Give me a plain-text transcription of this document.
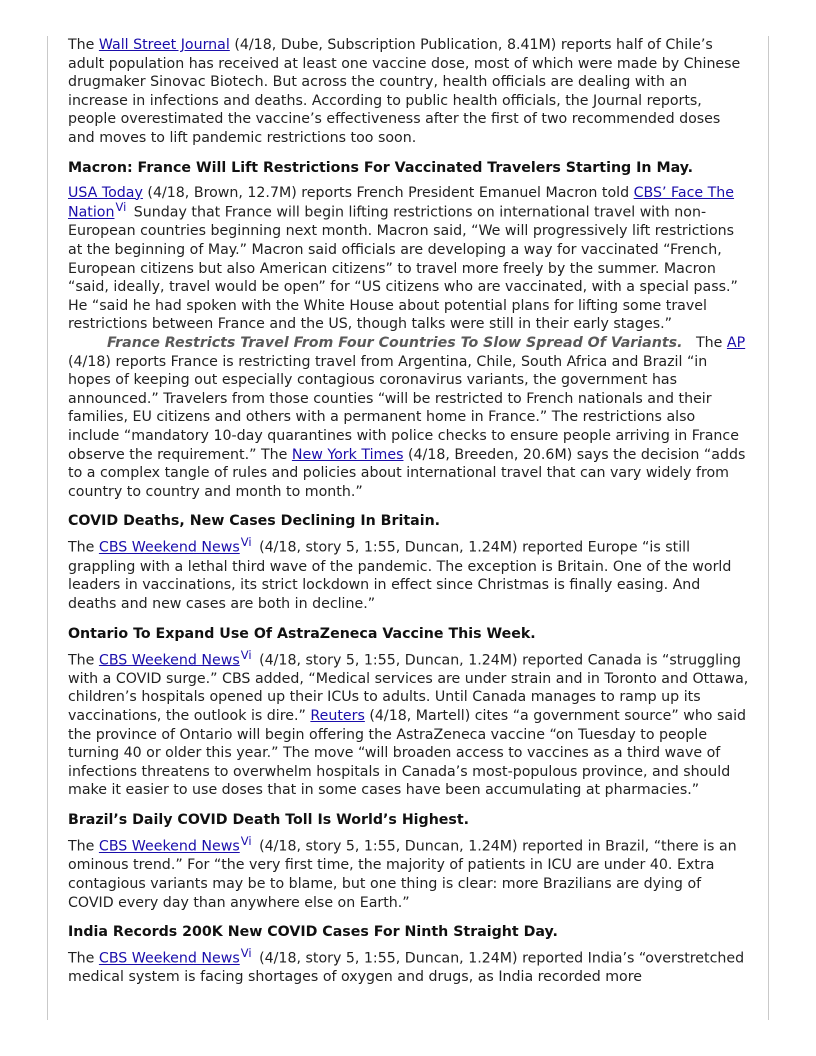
The Wall Street Journal (4/18, Dube, Subscription Publication, 8.41M) reports half of Chile’s adult population has received at least one vaccine dose, most of which were made by Chinese drugmaker Sinovac Biotech. But across the country, health officials are dealing with an increase in infections and deaths. According to public health officials, the Journal reports, people overestimated the vaccine’s effectiveness after the first of two recommended doses and moves to lift pandemic restrictions too soon.

Macron: France Will Lift Restrictions For Vaccinated Travelers Starting In May.

USA Today (4/18, Brown, 12.7M) reports French President Emanuel Macron told CBS’ Face The NationVi Sunday that France will begin lifting restrictions on international travel with non-European countries beginning next month. Macron said, “We will progressively lift restrictions at the beginning of May.” Macron said officials are developing a way for vaccinated “French, European citizens but also American citizens” to travel more freely by the summer. Macron “said, ideally, travel would be open” for “US citizens who are vaccinated, with a special pass.” He “said he had spoken with the White House about potential plans for lifting some travel restrictions between France and the US, though talks were still in their early stages.”

France Restricts Travel From Four Countries To Slow Spread Of Variants. The AP (4/18) reports France is restricting travel from Argentina, Chile, South Africa and Brazil “in hopes of keeping out especially contagious coronavirus variants, the government has announced.” Travelers from those counties “will be restricted to French nationals and their families, EU citizens and others with a permanent home in France.” The restrictions also include “mandatory 10-day quarantines with police checks to ensure people arriving in France observe the requirement.” The New York Times (4/18, Breeden, 20.6M) says the decision “adds to a complex tangle of rules and policies about international travel that can vary widely from country to country and month to month.”

COVID Deaths, New Cases Declining In Britain.

The CBS Weekend NewsVi (4/18, story 5, 1:55, Duncan, 1.24M) reported Europe “is still grappling with a lethal third wave of the pandemic. The exception is Britain. One of the world leaders in vaccinations, its strict lockdown in effect since Christmas is finally easing. And deaths and new cases are both in decline.”

Ontario To Expand Use Of AstraZeneca Vaccine This Week.

The CBS Weekend NewsVi (4/18, story 5, 1:55, Duncan, 1.24M) reported Canada is “struggling with a COVID surge.” CBS added, “Medical services are under strain and in Toronto and Ottawa, children’s hospitals opened up their ICUs to adults. Until Canada manages to ramp up its vaccinations, the outlook is dire.” Reuters (4/18, Martell) cites “a government source” who said the province of Ontario will begin offering the AstraZeneca vaccine “on Tuesday to people turning 40 or older this year.” The move “will broaden access to vaccines as a third wave of infections threatens to overwhelm hospitals in Canada’s most-populous province, and should make it easier to use doses that in some cases have been accumulating at pharmacies.”

Brazil’s Daily COVID Death Toll Is World’s Highest.

The CBS Weekend NewsVi (4/18, story 5, 1:55, Duncan, 1.24M) reported in Brazil, “there is an ominous trend.” For “the very first time, the majority of patients in ICU are under 40. Extra contagious variants may be to blame, but one thing is clear: more Brazilians are dying of COVID every day than anywhere else on Earth.”

India Records 200K New COVID Cases For Ninth Straight Day.

The CBS Weekend NewsVi (4/18, story 5, 1:55, Duncan, 1.24M) reported India’s “overstretched medical system is facing shortages of oxygen and drugs, as India recorded more
